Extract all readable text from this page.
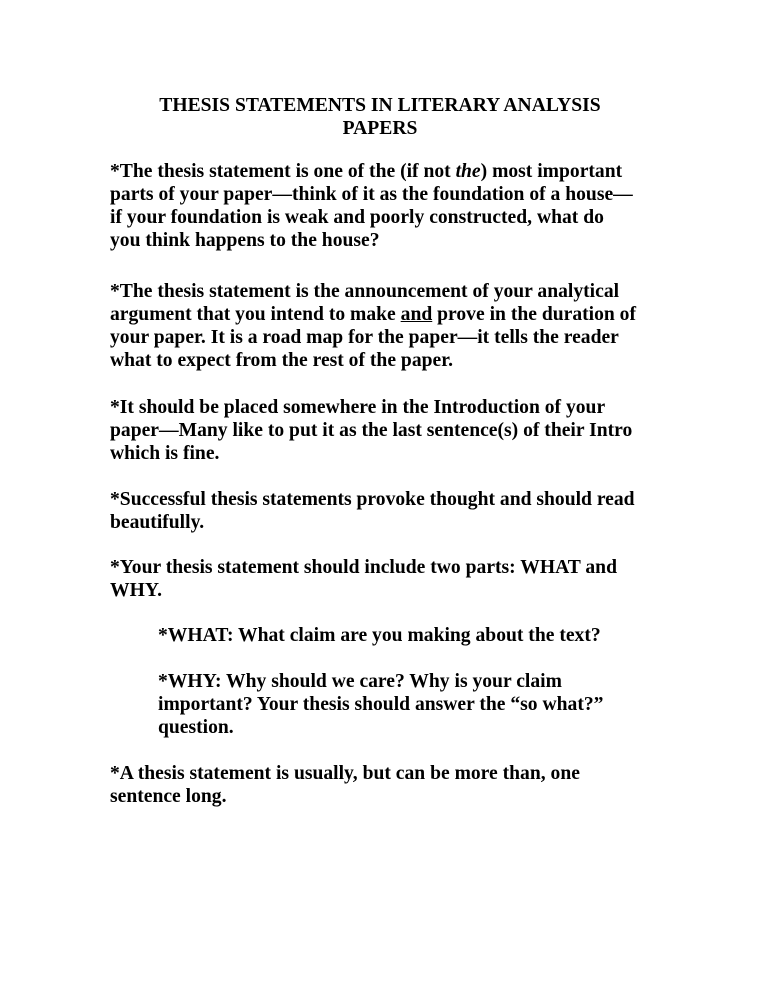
THESIS STATEMENTS IN LITERARY ANALYSIS
PAPERS
*The thesis statement is one of the (if not the) most important
parts of your paper—think of it as the foundation of a house—
if your foundation is weak and poorly constructed, what do
you think happens to the house?
*The thesis statement is the announcement of your analytical
argument that you intend to make and prove in the duration of
your paper. It is a road map for the paper—it tells the reader
what to expect from the rest of the paper.
*It should be placed somewhere in the Introduction of your
paper—Many like to put it as the last sentence(s) of their Intro
which is fine.
*Successful thesis statements provoke thought and should read
beautifully.
*Your thesis statement should include two parts: WHAT and
WHY.
*WHAT: What claim are you making about the text?
*WHY: Why should we care? Why is your claim
important? Your thesis should answer the “so what?”
question.
*A thesis statement is usually, but can be more than, one
sentence long.
